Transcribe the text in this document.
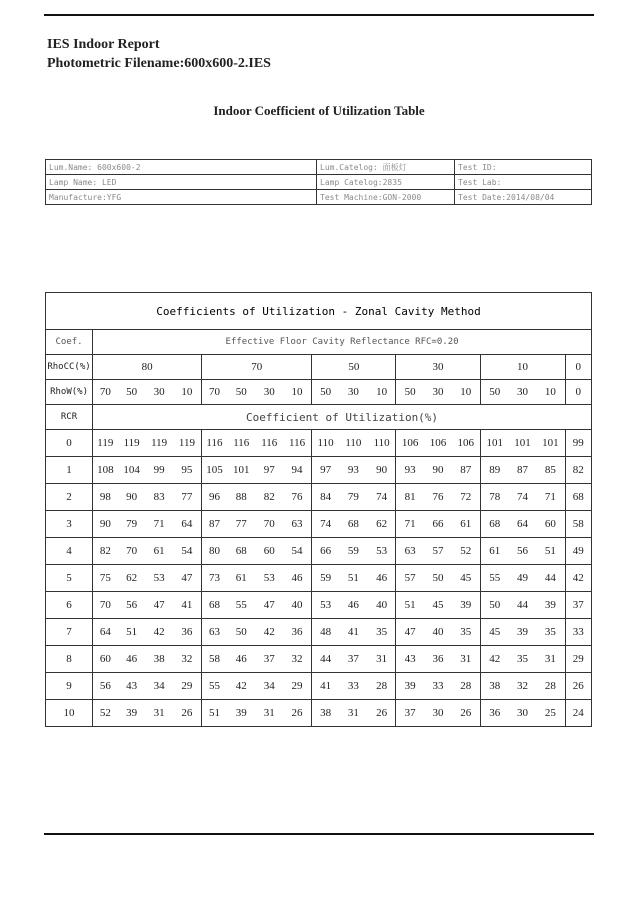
IES Indoor Report
Photometric Filename:600x600-2.IES
Indoor Coefficient of Utilization Table
Lum.Name: 600x600-2	Lum.Catelog: 面板灯	Test ID:
Lamp Name: LED	Lamp Catelog:2835	Test Lab:
Manufacture:YFG	Test Machine:GON-2000	Test Date:2014/08/04
Coefficients of Utilization - Zonal Cavity Method																		
Coef.	Effective Floor Cavity Reflectance RFC=0.20																	
RhoCC(%)	80				70				50			30			10			0
RhoW(%)	70	50	30	10	70	50	30	10	50	30	10	50	30	10	50	30	10	0
RCR	Coefficient of Utilization(%)																	
0	119	119	119	119	116	116	116	116	110	110	110	106	106	106	101	101	101	99
1	108	104	99	95	105	101	97	94	97	93	90	93	90	87	89	87	85	82
2	98	90	83	77	96	88	82	76	84	79	74	81	76	72	78	74	71	68
3	90	79	71	64	87	77	70	63	74	68	62	71	66	61	68	64	60	58
4	82	70	61	54	80	68	60	54	66	59	53	63	57	52	61	56	51	49
5	75	62	53	47	73	61	53	46	59	51	46	57	50	45	55	49	44	42
6	70	56	47	41	68	55	47	40	53	46	40	51	45	39	50	44	39	37
7	64	51	42	36	63	50	42	36	48	41	35	47	40	35	45	39	35	33
8	60	46	38	32	58	46	37	32	44	37	31	43	36	31	42	35	31	29
9	56	43	34	29	55	42	34	29	41	33	28	39	33	28	38	32	28	26
10	52	39	31	26	51	39	31	26	38	31	26	37	30	26	36	30	25	24
